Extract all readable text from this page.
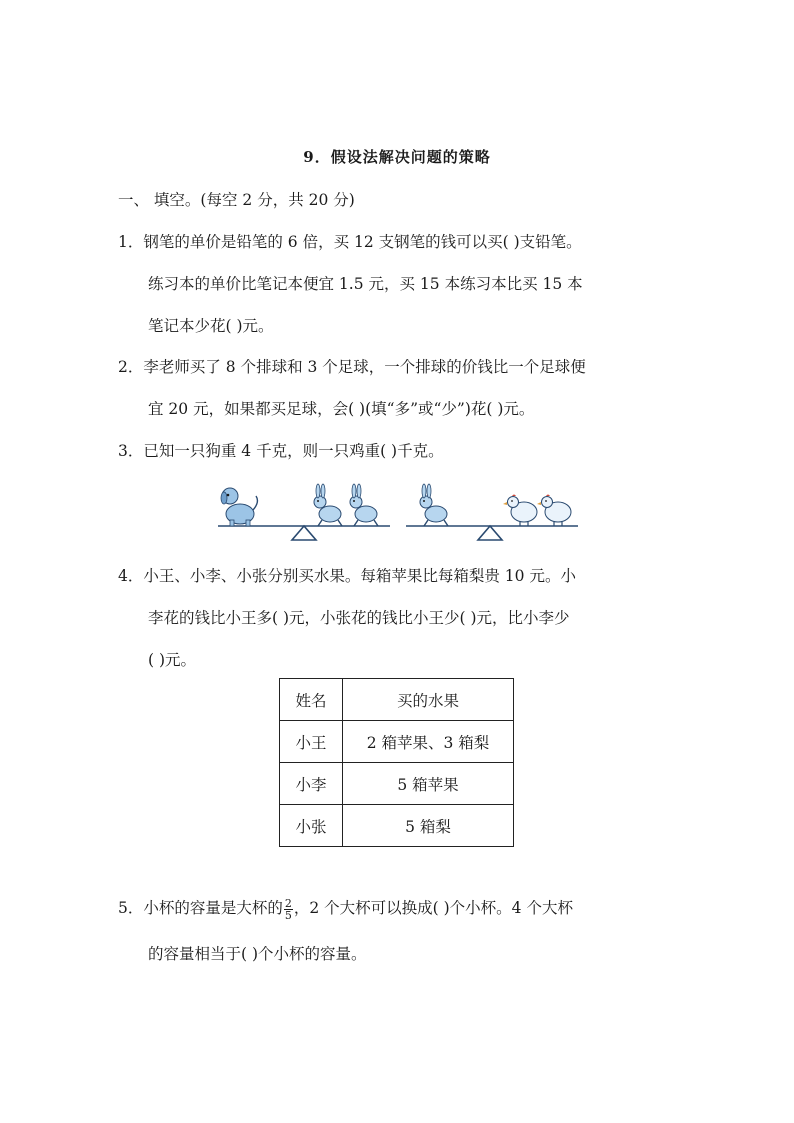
9．假设法解决问题的策略
一、 填空。(每空 2 分，共 20 分)
1．钢笔的单价是铅笔的 6 倍，买 12 支钢笔的钱可以买( )支铅笔。
练习本的单价比笔记本便宜 1.5 元，买 15 本练习本比买 15 本
笔记本少花( )元。
2．李老师买了 8 个排球和 3 个足球，一个排球的价钱比一个足球便
宜 20 元，如果都买足球，会( )(填“多”或“少”)花( )元。
3．已知一只狗重 4 千克，则一只鸡重( )千克。
4．小王、小李、小张分别买水果。每箱苹果比每箱梨贵 10 元。小
李花的钱比小王多( )元，小张花的钱比小王少( )元，比小李少
( )元。
姓名	买的水果
小王	2 箱苹果、3 箱梨
小李	5 箱苹果
小张	5 箱梨
5．小杯的容量是大杯的 $\frac{2}{5}$ ，2 个大杯可以换成( )个小杯。4 个大杯
的容量相当于( )个小杯的容量。
